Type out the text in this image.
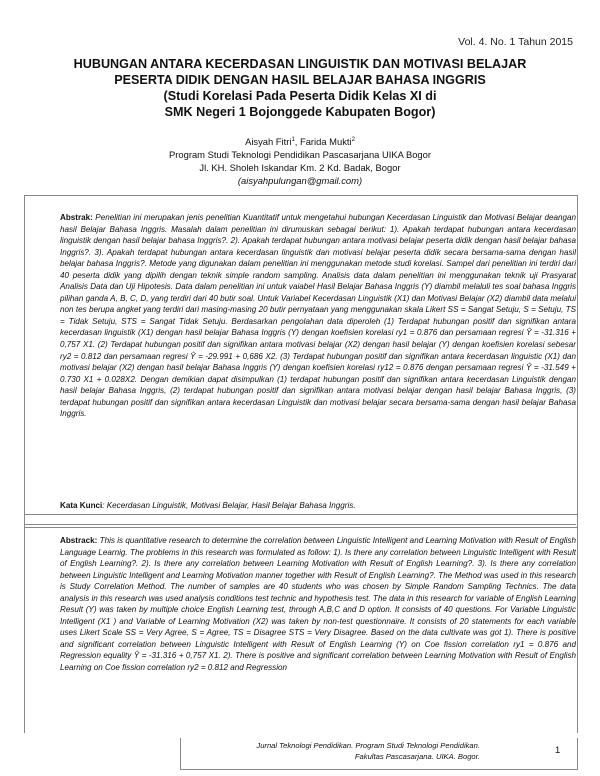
Vol. 4. No. 1 Tahun 2015
HUBUNGAN ANTARA KECERDASAN LINGUISTIK DAN MOTIVASI BELAJAR
PESERTA DIDIK DENGAN HASIL BELAJAR BAHASA INGGRIS
(Studi Korelasi Pada Peserta Didik Kelas XI di
SMK Negeri 1 Bojonggede Kabupaten Bogor)
Aisyah Fitri$^1$, Farida Mukti$^2$
Program Studi Teknologi Pendidikan Pascasarjana UIKA Bogor
Jl. KH. Sholeh Iskandar Km. 2 Kd. Badak, Bogor
(aisyahpulungan@gmail.com)
Abstrak: Penelitian ini merupakan jenis penelitian Kuantitatif untuk mengetahui hubungan Kecerdasan Linguistik dan Motivasi Belajar deangan hasil Belajar Bahasa Inggris. Masalah dalam penelitian ini dirumuskan sebagai berikut: 1). Apakah terdapat hubungan antara kecerdasan linguistik dengan hasil belajar bahasa Inggris?. 2). Apakah terdapat hubungan antara motivasi belajar peserta didik dengan hasil belajar bahasa Inggris?. 3). Apakah terdapat hubungan antara kecerdasan linguistik dan motivasi belajar peserta didik secara bersama-sama dengan hasil belajar bahasa Inggris?. Metode yang digunakan dalam penelitian ini menggunakan metode studi korelasi. Sampel dari penelitian ini terdiri dari 40 peserta didik yang dipilih dengan teknik simple random sampling. Analisis data dalam penelitian ini menggunakan teknik uji Prasyarat Analisis Data dan Uji Hipotesis. Data dalam penelitian ini untuk vaiabel Hasil Belajar Bahasa Inggris (Y) diambil melaluli tes soal bahasa Inggris pilihan ganda A, B, C, D, yang terdiri dari 40 butir soal. Untuk Variabel Kecerdasan Linguistik (X1) dan Motivasi Belajar (X2) diambil data melalui non tes berupa angket yang terdiri dari masing-masing 20 butir pernyataan yang menggunakan skala Likert SS = Sangat Setuju, S = Setuju, TS = Tidak Setuju, STS = Sangat Tidak Setuju. Berdasarkan pengolahan data diperoleh (1) Terdapat hubungan positif dan signifikan antara kecerdasan linguistik (X1) dengan hasil belajar Bahasa Inggris (Y) dengan koefisien korelasi ry1 = 0.876 dan persamaan regresi Ŷ = -31.316 + 0,757 X1. (2) Terdapat hubungan positif dan signifikan antara motivasi belajar (X2) dengan hasil belajar (Y) dengan koefisien korelasi sebesar ry2 = 0.812 dan persamaan regresi Ŷ = -29.991 + 0,686 X2. (3) Terdapat hubungan positif dan signifikan antara kecerdasan linguistic (X1) dan motivasi belajar (X2) dengan hasil belajar Bahasa Inggris (Y) dengan koefisien korelasi ry12 = 0.876 dengan persamaan regresi Ŷ = -31.549 + 0.730 X1 + 0.028X2. Dengan demikian dapat disimpulkan (1) terdapat hubungan positif dan signifikan antara kecerdasan Linguistik dengan hasil belajar Bahasa Inggris, (2) terdapat hubungan positif dan signifikan antara motivasi belajar dengan hasil belajar Bahasa Inggris, (3) terdapat hubungan positif dan signifikan antara kecerdasan Linguistik dan motivasi belajar secara bersama-sama dengan hasil belajar Bahasa Inggris.
Kata Kunci: Kecerdasan Linguistik, Motivasi Belajar, Hasil Belajar Bahasa Inggris.
Abstrack: This is quantitative research to determine the correlation between Linguistic Intelligent and Learning Motivation with Result of English Language Learnig. The problems in this research was formulated as follow: 1). Is there any correlation between Linguistic Intelligent with Result of English Learning?. 2). Is there any correlation between Learning Motivation with Result of English Learning?. 3). Is there any correlation between Linguistic Intelligent and Learning Motivation manner together with Result of English Learning?. The Method was used in this research is Study Correlation Method. The number of samples are 40 students who was chosen by Simple Random Sampling Technics. The data analysis in this research was used analysis conditions test technic and hypothesis test. The data in this research for variable of English Learning Result (Y) was taken by multiple choice English Learning test, through A,B,C and D option. It consists of 40 questions. For Variable Linguistic Intelligent (X1 ) and Variable of Learning Motivation (X2) was taken by non-test questionnaire. It consists of 20 statements for each variable uses Likert Scale SS = Very Agree, S = Agree, TS = Disagree STS = Very Disagree. Based on the data cultivate was got 1). There is positive and significant correlation between Linguistic Intelligent with Result of English Learning (Y) on Coe fission correlation ry1 = 0.876 and Regression equality Ŷ = -31.316 + 0,757 X1. 2). There is positive and significant correlation between Learning Motivation with Result of English Learning on Coe fission correlation ry2 = 0.812 and Regression
Jurnal Teknologi Pendidikan. Program Studi Teknologi Pendidikan.
Fakultas Pascasarjana. UIKA. Bogor.
1
